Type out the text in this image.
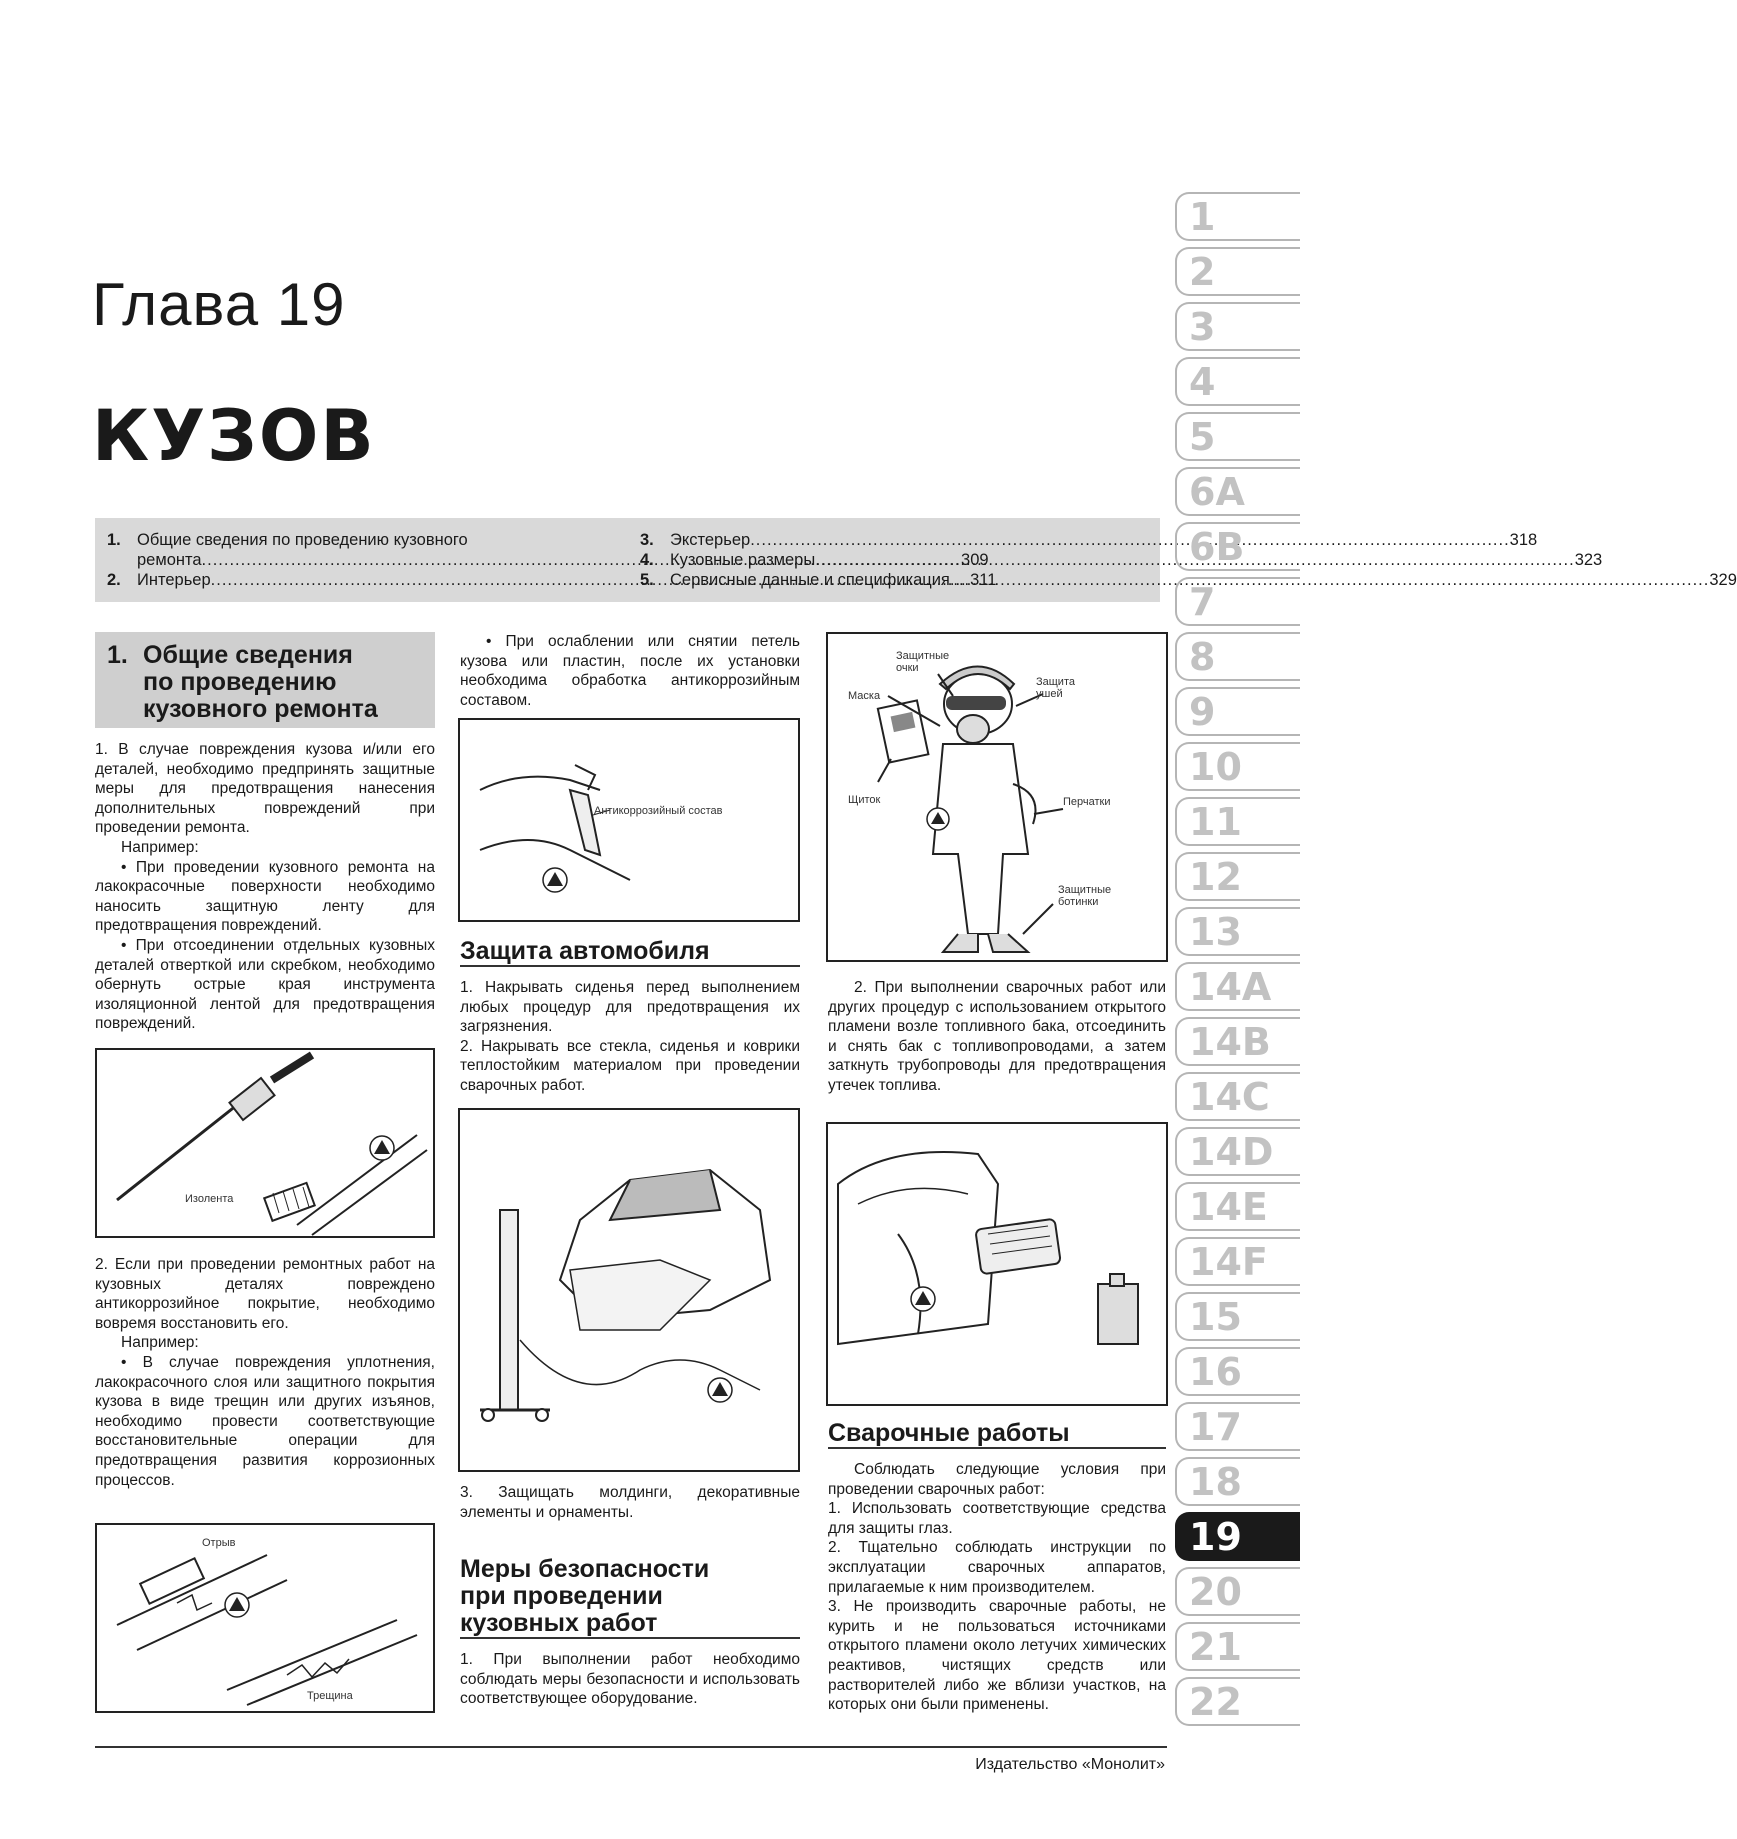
Глава 19
КУЗОВ
1. Общие сведения по проведению кузовного
ремонта .....	309
2. Интерьер .....	311
3. Экстерьер .....	318
4. Кузовные размеры .....	323
5. Сервисные данные и спецификация .....	329
1
2
3
4
5
6A
6B
7
8
9
10
11
12
13
14A
14B
14C
14D
14E
14F
15
16
17
18
19
20
21
22
1. Общие сведения
по проведению
кузовного ремонта

1. В случае повреждения кузова и/или его деталей, необходимо предпринять защитные меры для предотвращения нанесения дополнительных повреждений при проведении ремонта.

Например:

• При проведении кузовного ремонта на лакокрасочные поверхности необходимо наносить защитную ленту для предотвращения повреждений.

• При отсоединении отдельных кузовных деталей отверткой или скребком, необходимо обернуть острые края инструмента изоляционной лентой для предотвращения повреждений.

Изолента

2. Если при проведении ремонтных работ на кузовных деталях повреждено антикоррозийное покрытие, необходимо вовремя восстановить его.

Например:

• В случае повреждения уплотнения, лакокрасочного слоя или защитного покрытия кузова в виде трещин или других изъянов, необходимо провести соответствующие восстановительные операции для предотвращения развития коррозионных процессов.

Отрыв
Трещина

• При ослаблении или снятии петель кузова или пластин, после их установки необходима обработка антикоррозийным составом.

Антикоррозийный состав
Защита автомобиля

1. Накрывать сиденья перед выполнением любых процедур для предотвращения их загрязнения.

2. Накрывать все стекла, сиденья и коврики теплостойким материалом при проведении сварочных работ.

3. Защищать молдинги, декоративные элементы и орнаменты.

Меры безопасности
при проведении
кузовных работ

1. При выполнении работ необходимо соблюдать меры безопасности и использовать соответствующее оборудование.

Защитные очки
Маска
Защита ушей
Щиток	Перчатки
Защитные ботинки

2. При выполнении сварочных работ или других процедур с использованием открытого пламени возле топливного бака, отсоединить и снять бак с топливопроводами, а затем заткнуть трубопроводы для предотвращения утечек топлива.

Сварочные работы

Соблюдать следующие условия при проведении сварочных работ:

1. Использовать соответствующие средства для защиты глаз.

2. Тщательно соблюдать инструкции по эксплуатации сварочных аппаратов, прилагаемые к ним производителем.

3. Не производить сварочные работы, не курить и не пользоваться источниками открытого пламени около летучих химических реактивов, чистящих средств или растворителей либо же вблизи участков, на которых они были применены.

Издательство «Монолит»
